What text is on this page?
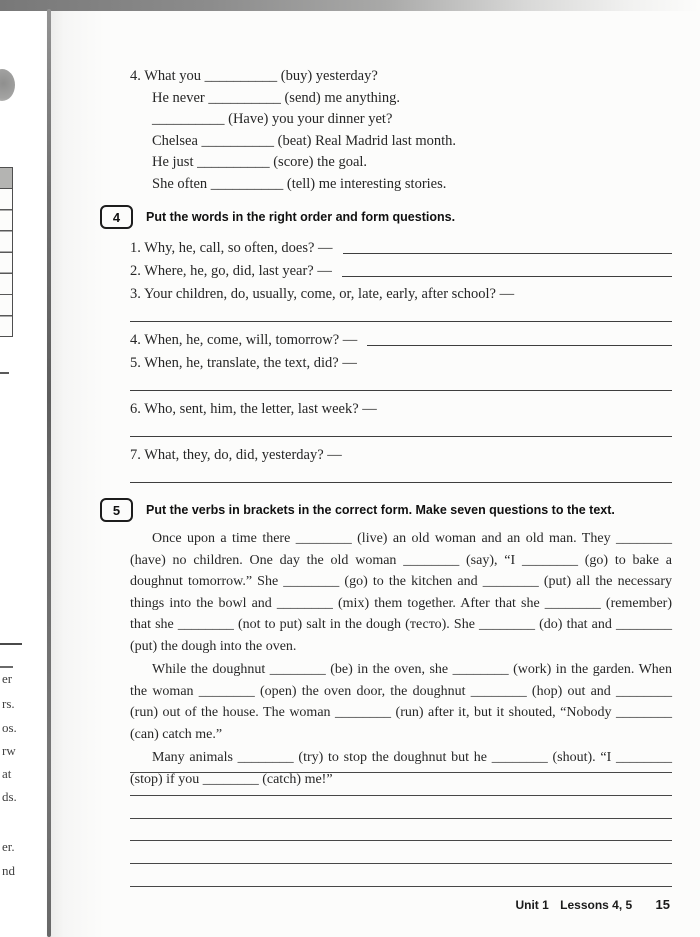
er
rs.
os.
rw
at
ds.
er.
nd
4. What you __________ (buy) yesterday?
He never __________ (send) me anything.
__________ (Have) you your dinner yet?
Chelsea __________ (beat) Real Madrid last month.
He just __________ (score) the goal.
She often __________ (tell) me interesting stories.
4	Put the words in the right order and form questions.
1. Why, he, call, so often, does? —
2. Where, he, go, did, last year? —
3. Your children, do, usually, come, or, late, early, after school? —
4. When, he, come, will, tomorrow? —
5. When, he, translate, the text, did? —
6. Who, sent, him, the letter, last week? —
7. What, they, do, did, yesterday? —
5	Put the verbs in brackets in the correct form. Make seven questions to the text.

Once upon a time there ________ (live) an old woman and an old man. They ________ (have) no children. One day the old woman ________ (say), “I ________ (go) to bake a doughnut tomorrow.” She ________ (go) to the kitchen and ________ (put) all the necessary things into the bowl and ________ (mix) them together. After that she ________ (remember) that she ________ (not to put) salt in the dough (тесто). She ________ (do) that and ________ (put) the dough into the oven.

While the doughnut ________ (be) in the oven, she ________ (work) in the garden. When the woman ________ (open) the oven door, the doughnut ________ (hop) out and ________ (run) out of the house. The woman ________ (run) after it, but it shouted, “Nobody ________ (can) catch me.”

Many animals ________ (try) to stop the doughnut but he ________ (shout). “I ________ (stop) if you ________ (catch) me!”

Unit 1 Lessons 4, 5 15
